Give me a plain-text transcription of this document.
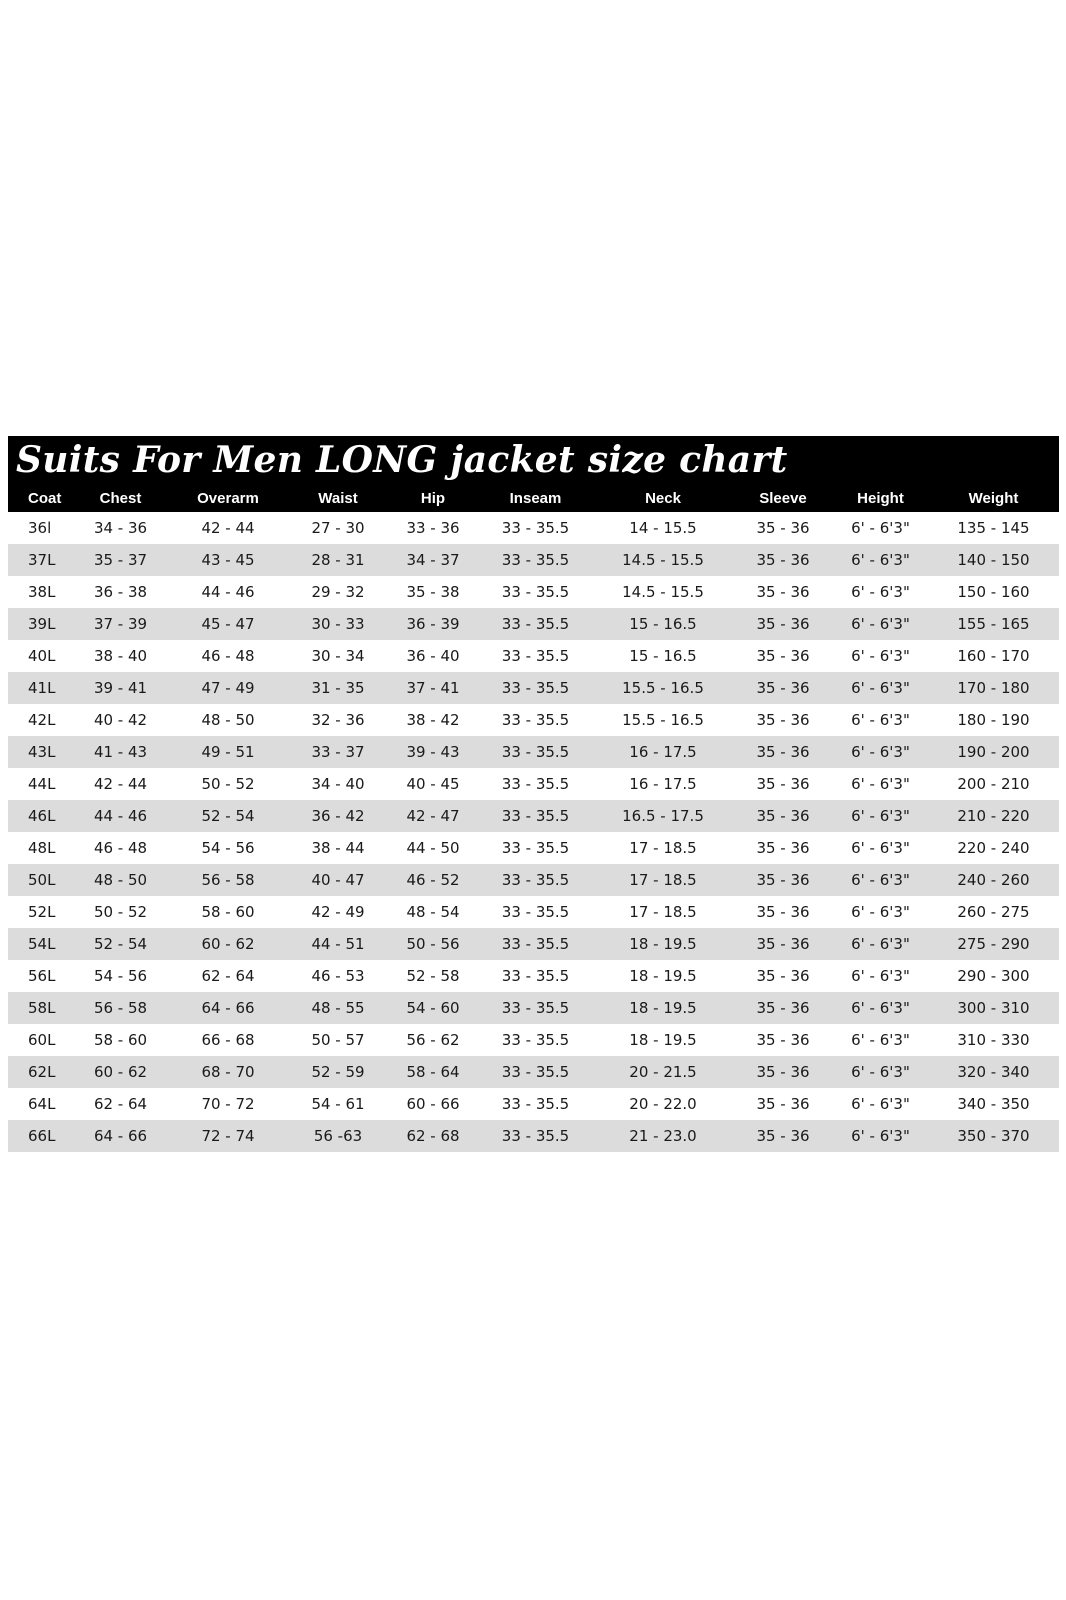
Suits For Men LONG jacket size chart
Coat	Chest	Overarm	Waist	Hip	Inseam	Neck	Sleeve	Height	Weight
36l	34 - 36	42 - 44	27 - 30	33 - 36	33 - 35.5	14 - 15.5	35 - 36	6' - 6'3"	135 - 145
37L	35 - 37	43 - 45	28 - 31	34 - 37	33 - 35.5	14.5 - 15.5	35 - 36	6' - 6'3"	140 - 150
38L	36 - 38	44 - 46	29 - 32	35 - 38	33 - 35.5	14.5 - 15.5	35 - 36	6' - 6'3"	150 - 160
39L	37 - 39	45 - 47	30 - 33	36 - 39	33 - 35.5	15 - 16.5	35 - 36	6' - 6'3"	155 - 165
40L	38 - 40	46 - 48	30 - 34	36 - 40	33 - 35.5	15 - 16.5	35 - 36	6' - 6'3"	160 - 170
41L	39 - 41	47 - 49	31 - 35	37 - 41	33 - 35.5	15.5 - 16.5	35 - 36	6' - 6'3"	170 - 180
42L	40 - 42	48 - 50	32 - 36	38 - 42	33 - 35.5	15.5 - 16.5	35 - 36	6' - 6'3"	180 - 190
43L	41 - 43	49 - 51	33 - 37	39 - 43	33 - 35.5	16 - 17.5	35 - 36	6' - 6'3"	190 - 200
44L	42 - 44	50 - 52	34 - 40	40 - 45	33 - 35.5	16 - 17.5	35 - 36	6' - 6'3"	200 - 210
46L	44 - 46	52 - 54	36 - 42	42 - 47	33 - 35.5	16.5 - 17.5	35 - 36	6' - 6'3"	210 - 220
48L	46 - 48	54 - 56	38 - 44	44 - 50	33 - 35.5	17 - 18.5	35 - 36	6' - 6'3"	220 - 240
50L	48 - 50	56 - 58	40 - 47	46 - 52	33 - 35.5	17 - 18.5	35 - 36	6' - 6'3"	240 - 260
52L	50 - 52	58 - 60	42 - 49	48 - 54	33 - 35.5	17 - 18.5	35 - 36	6' - 6'3"	260 - 275
54L	52 - 54	60 - 62	44 - 51	50 - 56	33 - 35.5	18 - 19.5	35 - 36	6' - 6'3"	275 - 290
56L	54 - 56	62 - 64	46 - 53	52 - 58	33 - 35.5	18 - 19.5	35 - 36	6' - 6'3"	290 - 300
58L	56 - 58	64 - 66	48 - 55	54 - 60	33 - 35.5	18 - 19.5	35 - 36	6' - 6'3"	300 - 310
60L	58 - 60	66 - 68	50 - 57	56 - 62	33 - 35.5	18 - 19.5	35 - 36	6' - 6'3"	310 - 330
62L	60 - 62	68 - 70	52 - 59	58 - 64	33 - 35.5	20 - 21.5	35 - 36	6' - 6'3"	320 - 340
64L	62 - 64	70 - 72	54 - 61	60 - 66	33 - 35.5	20 - 22.0	35 - 36	6' - 6'3"	340 - 350
66L	64 - 66	72 - 74	56 -63	62 - 68	33 - 35.5	21 - 23.0	35 - 36	6' - 6'3"	350 - 370
